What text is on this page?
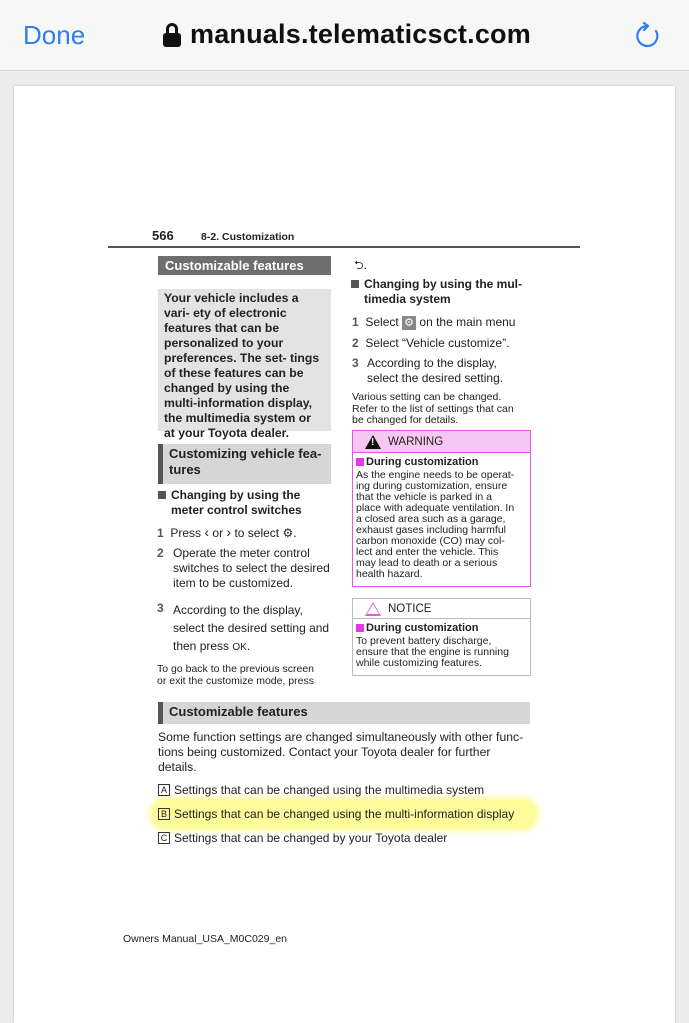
Done	manuals.telematicsct.com
566	8-2. Customization
Customizable features
Your vehicle includes a vari- ety of electronic features that can be personalized to your preferences. The set- tings of these features can be changed by using the multi-information display, the multimedia system or at your Toyota dealer.
Customizing vehicle fea-
tures
Changing by using the
meter control switches
1 Press ‹ or › to select ⚙.
2 Operate the meter control
switches to select the desired
item to be customized.
3 According to the display,
select the desired setting and
then press OK.
To go back to the previous screen
or exit the customize mode, press
⮌.
Changing by using the mul-
timedia system
1 Select ⚙ on the main menu
2 Select “Vehicle customize”.
3 According to the display,
select the desired setting.
Various setting can be changed.
Refer to the list of settings that can
be changed for details.
!
WARNING
During customization
As the engine needs to be operat-
ing during customization, ensure
that the vehicle is parked in a
place with adequate ventilation. In
a closed area such as a garage,
exhaust gases including harmful
carbon monoxide (CO) may col-
lect and enter the vehicle. This
may lead to death or a serious
health hazard.
NOTICE
During customization
To prevent battery discharge,
ensure that the engine is running
while customizing features.
Customizable features
Some function settings are changed simultaneously with other func-
tions being customized. Contact your Toyota dealer for further
details.
A Settings that can be changed using the multimedia system
B Settings that can be changed using the multi-information display
C Settings that can be changed by your Toyota dealer
Owners Manual_USA_M0C029_en
